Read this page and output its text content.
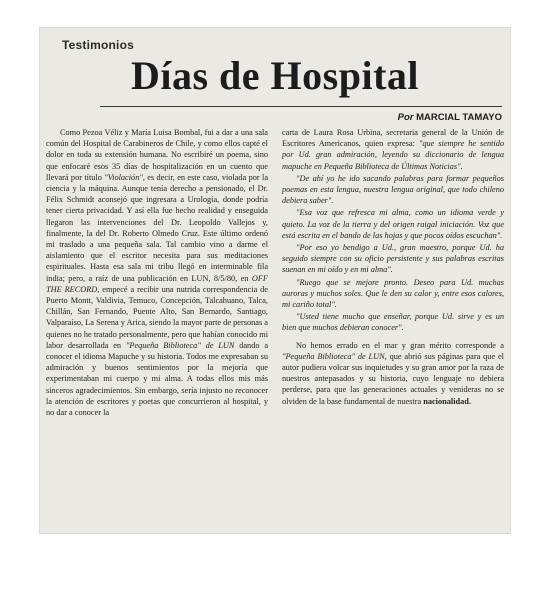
Testimonios
Días de Hospital
Por MARCIAL TAMAYO

Como Pezoa Véliz y María Luisa Bombal, fui a dar a una sala común del Hospital de Carabineros de Chile, y como ellos capté el dolor en toda su extensión humana. No escribiré un poema, sino que enfocaré esos 35 días de hospitalización en un cuento que llevará por título "Violación", es decir, en este caso, violada por la ciencia y la máquina. Aunque tenía derecho a pensionado, el Dr. Félix Schmidt aconsejó que ingresara a Urología, donde podría tener cierta privacidad. Y así ella fue hecho realidad y enseguida llegaron las intervenciones del Dr. Leopoldo Vallejos y, finalmente, la del Dr. Roberto Olmedo Cruz. Este último ordenó mi traslado a una pequeña sala. Tal cambio vino a darme el aislamiento que el escritor necesita para sus meditaciones espirituales. Hasta esa sala mi tribu llegó en interminable fila india; pero, a raíz de una publicación en LUN, 8/5/80, en OFF THE RECORD, empecé a recibir una nutrida correspondencia de Puerto Montt, Valdivia, Temuco, Concepción, Talcahuano, Talca, Chillán, San Fernando, Puente Alto, San Bernardo, Santiago, Valparaíso, La Serena y Arica, siendo la mayor parte de personas a quienes no he tratado personalmente, pero que habían conocido mi labor desarrollada en "Pequeña Biblioteca" de LUN dando a conocer el idioma Mapuche y su historia. Todos me expresaban su admiración y buenos sentimientos por la mejoría que experimentaban mi cuerpo y mi alma. A todas ellos mis más sinceros agradecimientos. Sin embargo, sería injusto no reconocer la atención de escritores y poetas que concurrieron al hospital, y no dar a conocer la

carta de Laura Rosa Urbina, secretaria general de la Unión de Escritores Americanos, quien expresa: "que siempre he sentido por Ud. gran admiración, leyendo su diccionario de lengua mapuche en Pequeña Biblioteca de Últimas Noticias".

"De ahí yo he ido sacando palabras para formar pequeños poemas en esta lengua, nuestra lengua original, que todo chileno debiera saber".

"Esa voz que refresca mi alma, como un idioma verde y quieto. La voz de la tierra y del origen raigal iniciación. Voz que está escrita en el bando de las hojas y que pocos oídos escuchan".

"Por eso yo bendigo a Ud., gran maestro, porque Ud. ha seguido siempre con su oficio persistente y sus palabras escritas suenan en mi oído y en mi alma".

"Ruego que se mejore pronto. Deseo para Ud. muchas auroras y muchos soles. Que le den su calor y, entre esos calores, mi cariño total".

"Usted tiene mucho que enseñar, porque Ud. sirve y es un bien que muchos debieran conocer".

No hemos errado en el mar y gran mérito corresponde a "Pequeña Biblioteca" de LUN, que abrió sus páginas para que el autor pudiera volcar sus inquietudes y su gran amor por la raza de nuestros antepasados y su historia, cuyo lenguaje no debiera perderse, para que las generaciones actuales y venideras no se olviden de la base fundamental de nuestra nacionalidad.
